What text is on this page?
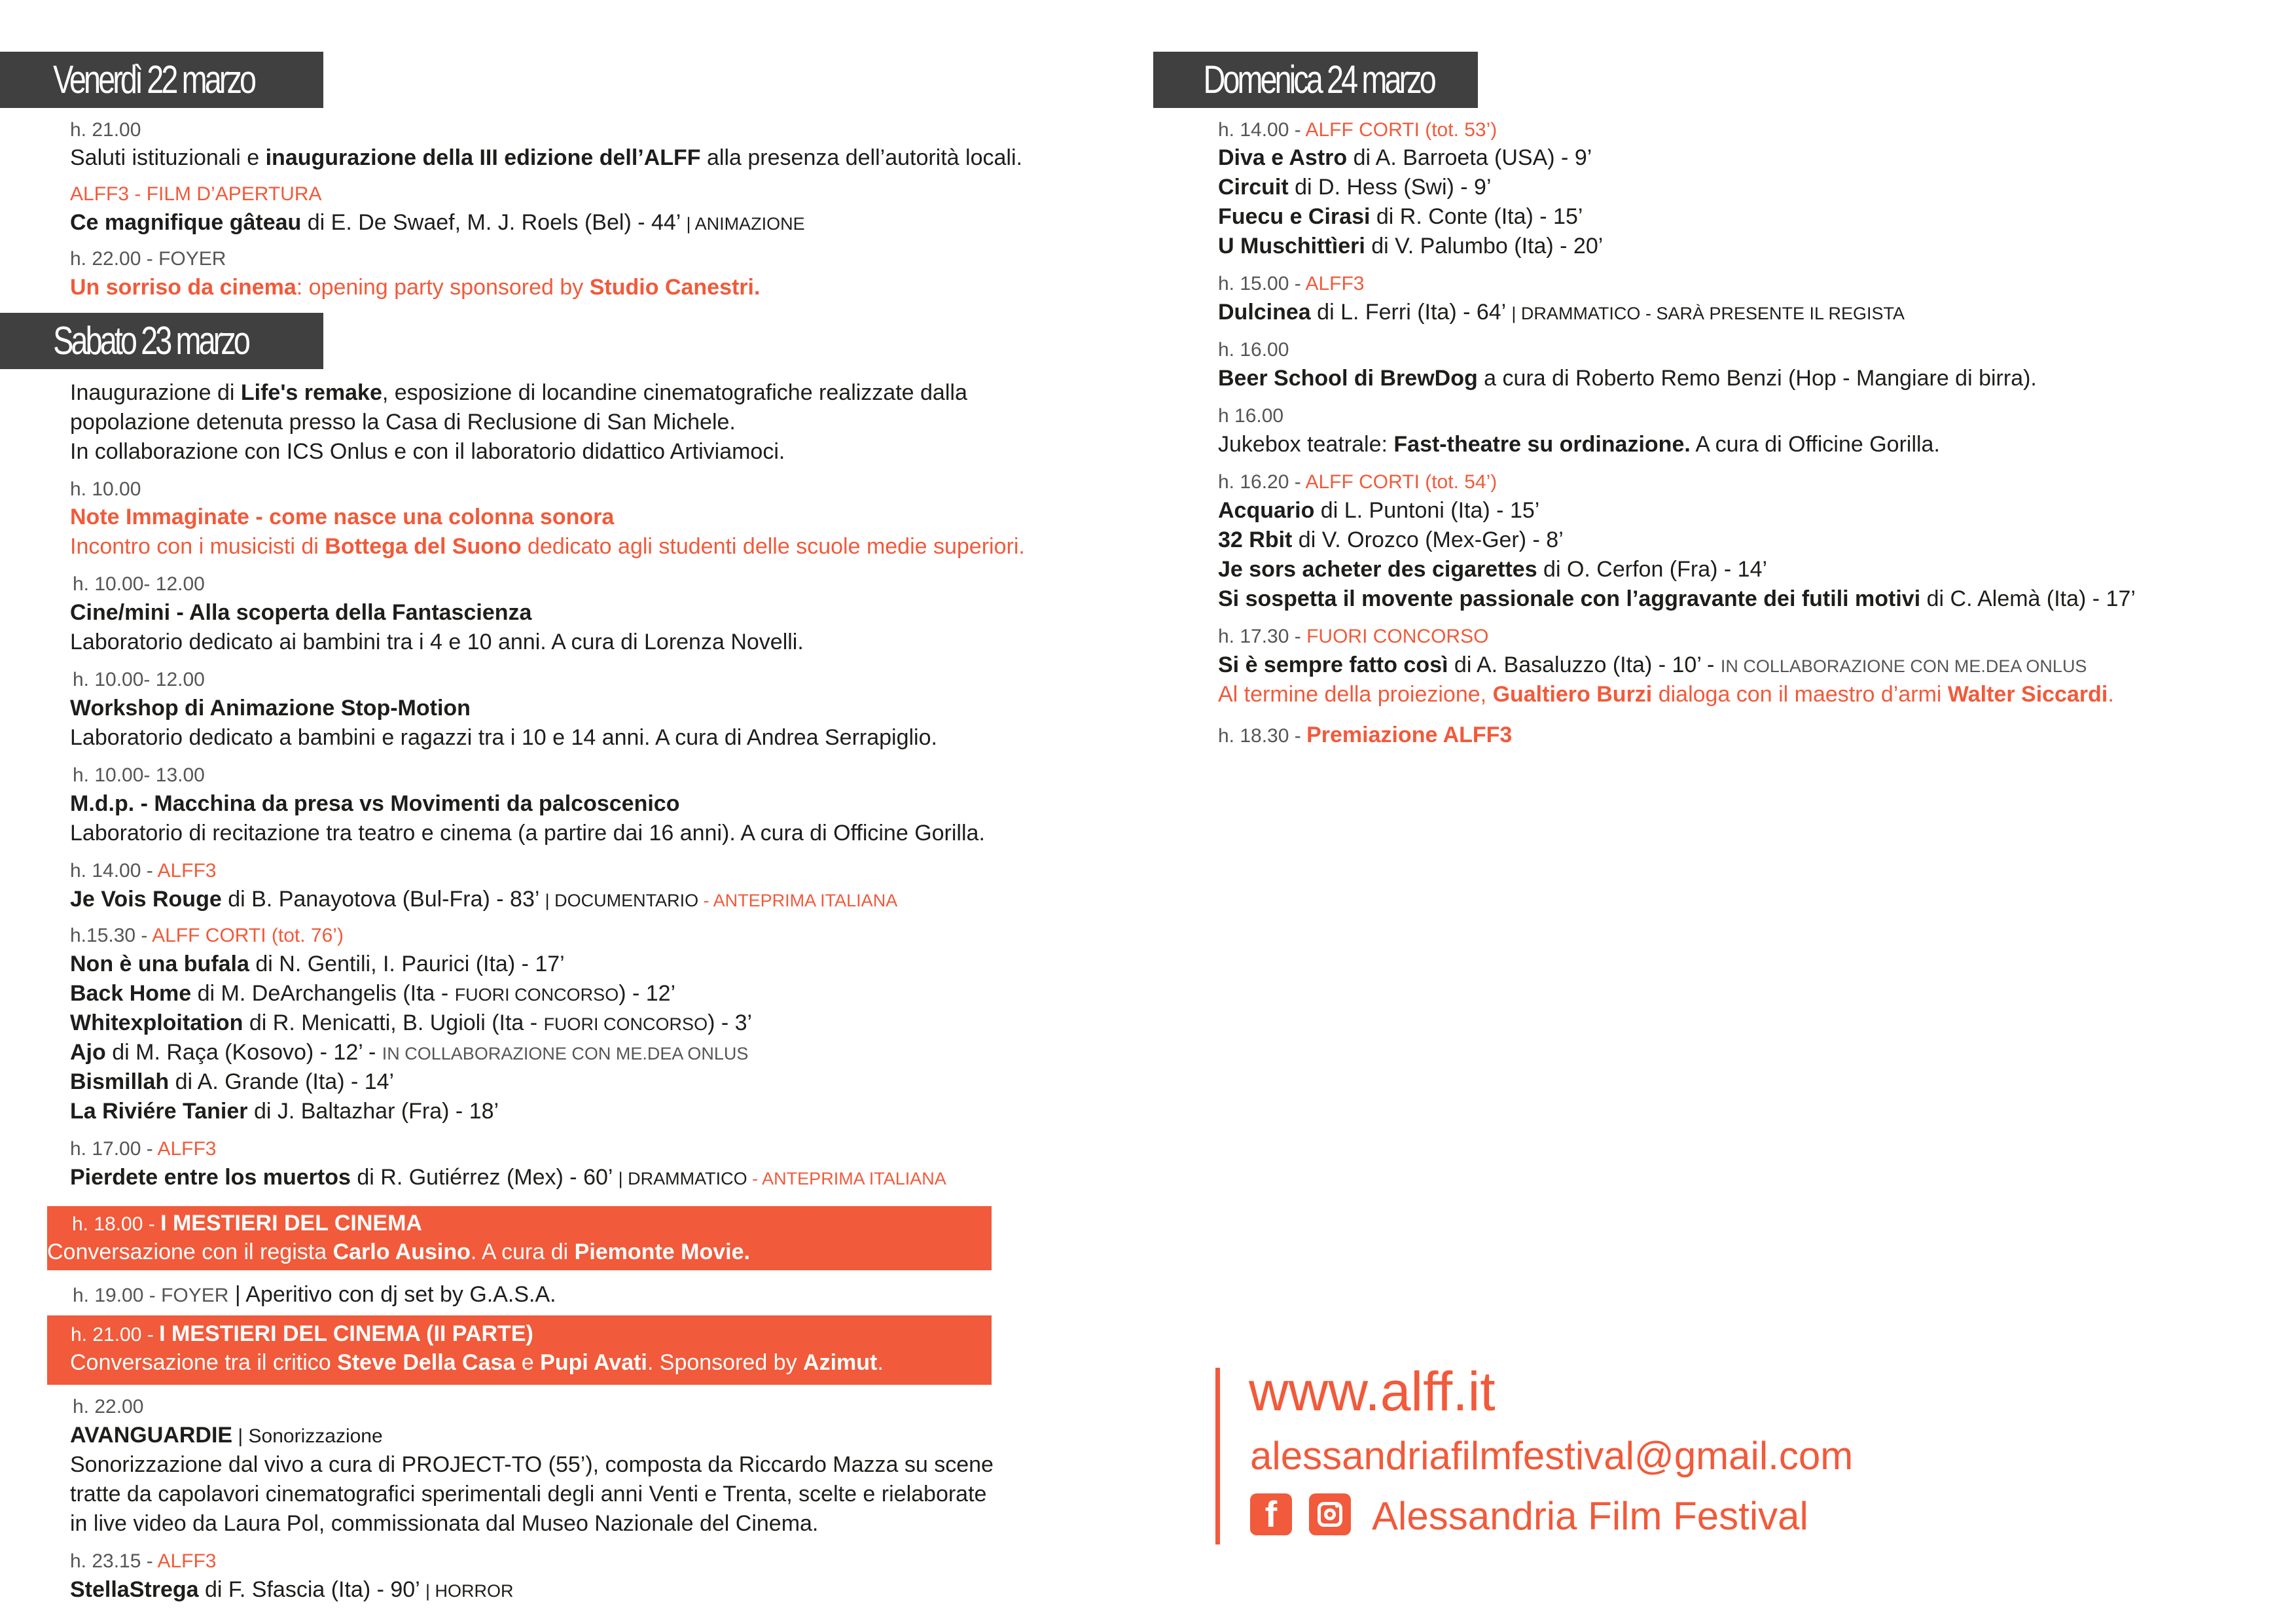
Venerdì 22 marzo
h. 21.00
Saluti istituzionali e inaugurazione della III edizione dell’ALFF alla presenza dell’autorità locali.
ALFF3 - FILM D’APERTURA
Ce magnifique gâteau di E. De Swaef, M. J. Roels (Bel) - 44’ | ANIMAZIONE
h. 22.00 - FOYER
Un sorriso da cinema: opening party sponsored by Studio Canestri.
Sabato 23 marzo
Inaugurazione di Life's remake, esposizione di locandine cinematografiche realizzate dalla
popolazione detenuta presso la Casa di Reclusione di San Michele.
In collaborazione con ICS Onlus e con il laboratorio didattico Artiviamoci.
h. 10.00
Note Immaginate - come nasce una colonna sonora
Incontro con i musicisti di Bottega del Suono dedicato agli studenti delle scuole medie superiori.
h. 10.00- 12.00
Cine/mini - Alla scoperta della Fantascienza
Laboratorio dedicato ai bambini tra i 4 e 10 anni. A cura di Lorenza Novelli.
h. 10.00- 12.00
Workshop di Animazione Stop-Motion
Laboratorio dedicato a bambini e ragazzi tra i 10 e 14 anni. A cura di Andrea Serrapiglio.
h. 10.00- 13.00
M.d.p. - Macchina da presa vs Movimenti da palcoscenico
Laboratorio di recitazione tra teatro e cinema (a partire dai 16 anni). A cura di Officine Gorilla.
h. 14.00 - ALFF3
Je Vois Rouge di B. Panayotova (Bul-Fra) - 83’ | DOCUMENTARIO - ANTEPRIMA ITALIANA
h.15.30 - ALFF CORTI (tot. 76’)
Non è una bufala di N. Gentili, I. Paurici (Ita) - 17’
Back Home di M. DeArchangelis (Ita - FUORI CONCORSO) - 12’
Whitexploitation di R. Menicatti, B. Ugioli (Ita - FUORI CONCORSO) - 3’
Ajo di M. Raça (Kosovo) - 12’ - IN COLLABORAZIONE CON ME.DEA ONLUS
Bismillah di A. Grande (Ita) - 14’
La Riviére Tanier di J. Baltazhar (Fra) - 18’
h. 17.00 - ALFF3
Pierdete entre los muertos di R. Gutiérrez (Mex) - 60’ | DRAMMATICO - ANTEPRIMA ITALIANA
h. 18.00 - I MESTIERI DEL CINEMA
Conversazione con il regista Carlo Ausino. A cura di Piemonte Movie.
h. 19.00 - FOYER | Aperitivo con dj set by G.A.S.A.
h. 21.00 - I MESTIERI DEL CINEMA (II PARTE)
Conversazione tra il critico Steve Della Casa e Pupi Avati. Sponsored by Azimut.
h. 22.00
AVANGUARDIE | Sonorizzazione
Sonorizzazione dal vivo a cura di PROJECT-TO (55’), composta da Riccardo Mazza su scene
tratte da capolavori cinematografici sperimentali degli anni Venti e Trenta, scelte e rielaborate
in live video da Laura Pol, commissionata dal Museo Nazionale del Cinema.
h. 23.15 - ALFF3
StellaStrega di F. Sfascia (Ita) - 90’ | HORROR
Domenica 24 marzo
h. 14.00 - ALFF CORTI (tot. 53’)
Diva e Astro di A. Barroeta (USA) - 9’
Circuit di D. Hess (Swi) - 9’
Fuecu e Cirasi di R. Conte (Ita) - 15’
U Muschittìeri di V. Palumbo (Ita) - 20’
h. 15.00 - ALFF3
Dulcinea di L. Ferri (Ita) - 64’ | DRAMMATICO - SARÀ PRESENTE IL REGISTA
h. 16.00
Beer School di BrewDog a cura di Roberto Remo Benzi (Hop - Mangiare di birra).
h 16.00
Jukebox teatrale: Fast-theatre su ordinazione. A cura di Officine Gorilla.
h. 16.20 - ALFF CORTI (tot. 54’)
Acquario di L. Puntoni (Ita) - 15’
32 Rbit di V. Orozco (Mex-Ger) - 8’
Je sors acheter des cigarettes di O. Cerfon (Fra) - 14’
Si sospetta il movente passionale con l’aggravante dei futili motivi di C. Alemà (Ita) - 17’
h. 17.30 - FUORI CONCORSO
Si è sempre fatto così di A. Basaluzzo (Ita) - 10’ - IN COLLABORAZIONE CON ME.DEA ONLUS
Al termine della proiezione, Gualtiero Burzi dialoga con il maestro d’armi Walter Siccardi.
h. 18.30 - Premiazione ALFF3
www.alff.it
alessandriafilmfestival@gmail.com
f	Alessandria Film Festival
